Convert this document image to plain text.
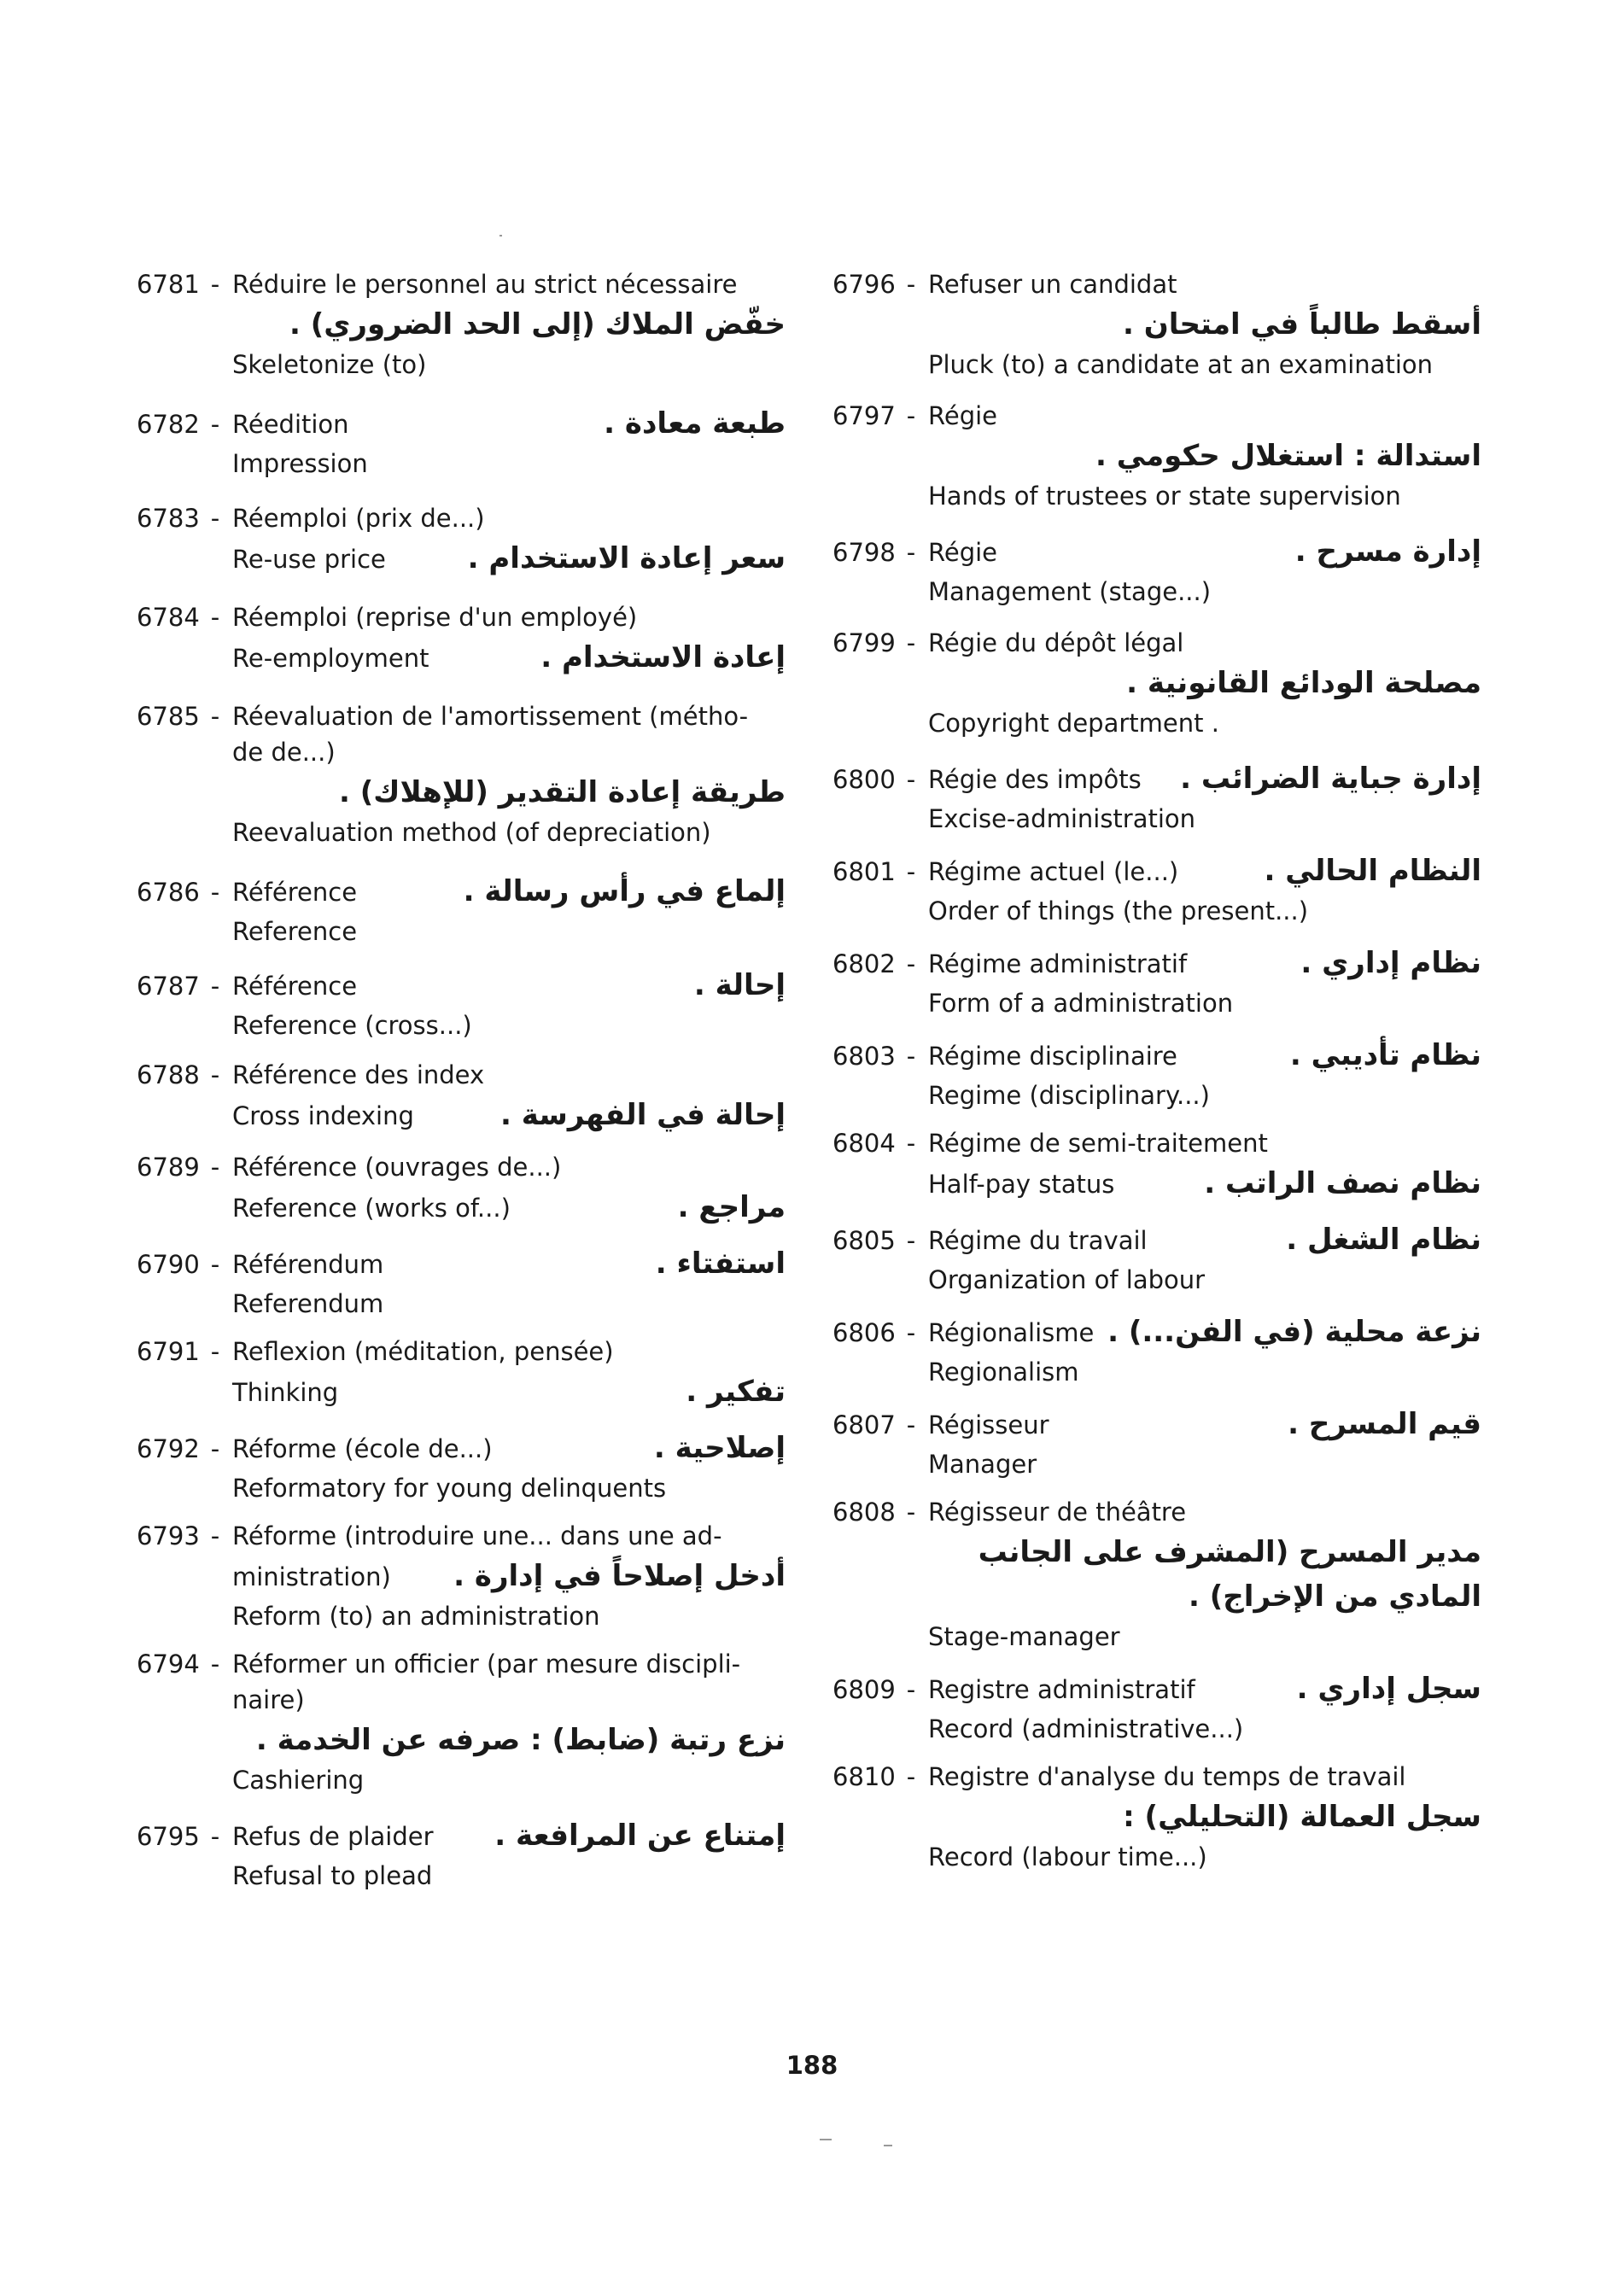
6781 - Réduire le personnel au strict nécessaire
خفّض الملاك (إلى الحد الضروري) .
Skeletonize (to)
6782 - Réedition	طبعة معادة .
Impression
6783 - Réemploi (prix de...)
Re-use price	سعر إعادة الاستخدام .
6784 - Réemploi (reprise d'un employé)
Re-employment	إعادة الاستخدام .
6785 - Réevaluation de l'amortissement (métho-
de de...)
طريقة إعادة التقدير (للإهلاك) .
Reevaluation method (of depreciation)
6786 - Référence	إلماع في رأس رسالة .
Reference
6787 - Référence	إحالة .
Reference (cross...)
6788 - Référence des index
Cross indexing	إحالة في الفهرسة .
6789 - Référence (ouvrages de...)
Reference (works of...)	مراجع .
6790 - Référendum	استفتاء .
Referendum
6791 - Reflexion (méditation, pensée)
Thinking	تفكير .
6792 - Réforme (école de...)	إصلاحية .
Reformatory for young delinquents
6793 - Réforme (introduire une... dans une ad-
ministration) أدخل إصلاحاً في إدارة .
Reform (to) an administration
6794 - Réformer un officier (par mesure discipli-
naire)
نزع رتبة (ضابط) : صرفه عن الخدمة .
Cashiering
6795 - Refus de plaider إمتناع عن المرافعة .
Refusal to plead
6796 - Refuser un candidat
أسقط طالباً في امتحان .
Pluck (to) a candidate at an examination
6797 - Régie
استدالة : استغلال حكومي .
Hands of trustees or state supervision
6798 - Régie	إدارة مسرح .
Management (stage...)
6799 - Régie du dépôt légal
مصلحة الودائع القانونية .
Copyright department .
6800 - Régie des impôts إدارة جباية الضرائب .
Excise-administration
6801 - Régime actuel (le...)	النظام الحالي .
Order of things (the present...)
6802 - Régime administratif	نظام إداري .
Form of a administration
6803 - Régime disciplinaire	نظام تأديبي .
Regime (disciplinary...)
6804 - Régime de semi-traitement
Half-pay status	نظام نصف الراتب .
6805 - Régime du travail	نظام الشغل .
Organization of labour
6806 - Régionalisme نزعة محلية (في الفن...) .
Regionalism
6807 - Régisseur	قيم المسرح .
Manager
6808 - Régisseur de théâtre
مدير المسرح (المشرف على الجانب المادي من الإخراج) .
Stage-manager
6809 - Registre administratif	سجل إداري .
Record (administrative...)
6810 - Registre d'analyse du temps de travail
سجل العمالة (التحليلي) :
Record (labour time...)
188
